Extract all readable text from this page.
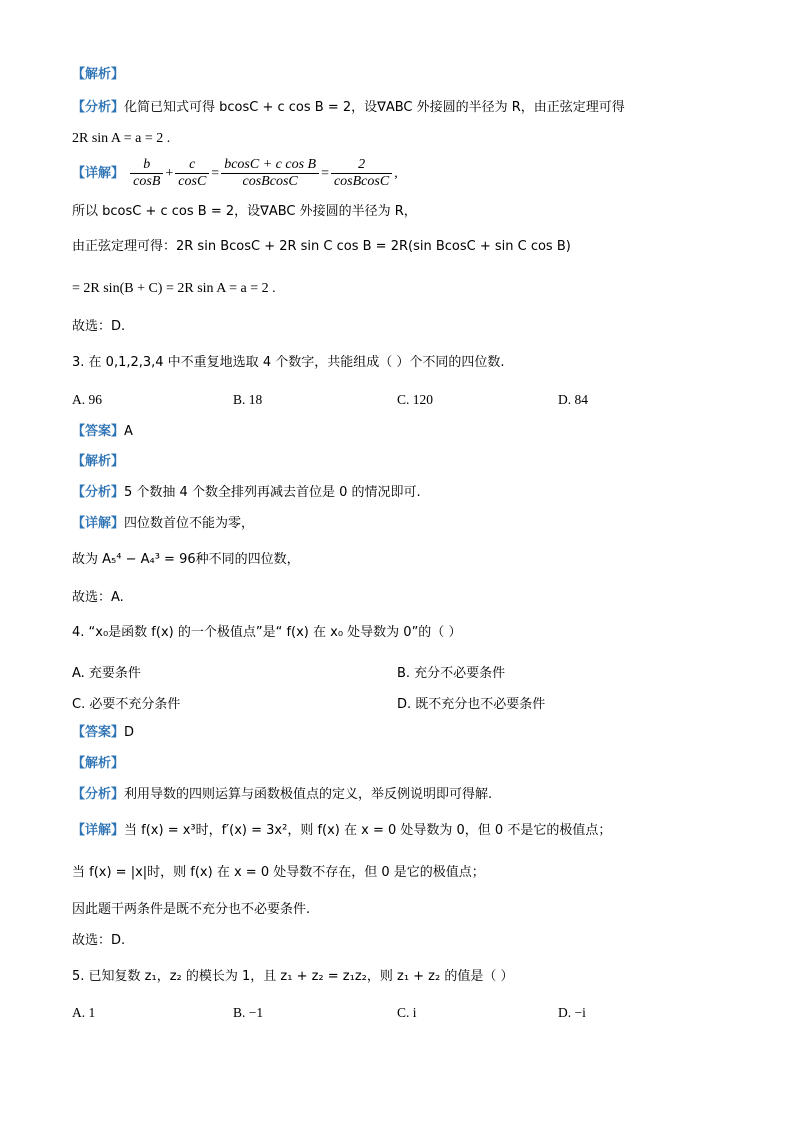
【解析】
【分析】化简已知式可得 bcosC + c cos B = 2，设∇ABC 外接圆的半径为 R，由正弦定理可得
2R sin A = a = 2 .
【详解】 $\frac{b}{\cos B} + \frac{c}{\cos C} = \frac{\text{bcosC + c cos B}}{\text{cosBcosC}} = \frac{2}{\text{cosBcosC}}$ ,
所以 bcosC + c cos B = 2，设∇ABC 外接圆的半径为 R，
由正弦定理可得：2R sin BcosC + 2R sin C cos B = 2R(sin BcosC + sin C cos B)
= 2R sin(B + C) = 2R sin A = a = 2 .
故选：D.
3. 在 0,1,2,3,4 中不重复地选取 4 个数字，共能组成（ ）个不同的四位数.
A. 96	B. 18	C. 120	D. 84
【答案】A
【解析】
【分析】5 个数抽 4 个数全排列再减去首位是 0 的情况即可.
【详解】四位数首位不能为零，
故为 A₅⁴ − A₄³ = 96种不同的四位数，
故选：A.
4. “x₀是函数 f(x) 的一个极值点”是“ f(x) 在 x₀ 处导数为 0”的（ ）
A. 充要条件	B. 充分不必要条件
C. 必要不充分条件	D. 既不充分也不必要条件
【答案】D
【解析】
【分析】利用导数的四则运算与函数极值点的定义，举反例说明即可得解.
【详解】当 f(x) = x³时，f′(x) = 3x²，则 f(x) 在 x = 0 处导数为 0，但 0 不是它的极值点；
当 f(x) = |x|时，则 f(x) 在 x = 0 处导数不存在，但 0 是它的极值点；
因此题干两条件是既不充分也不必要条件.
故选：D.
5. 已知复数 z₁，z₂ 的模长为 1，且 z₁ + z₂ = z₁z₂，则 z₁ + z₂ 的值是（ ）
A. 1	B. −1	C. i	D. −i
